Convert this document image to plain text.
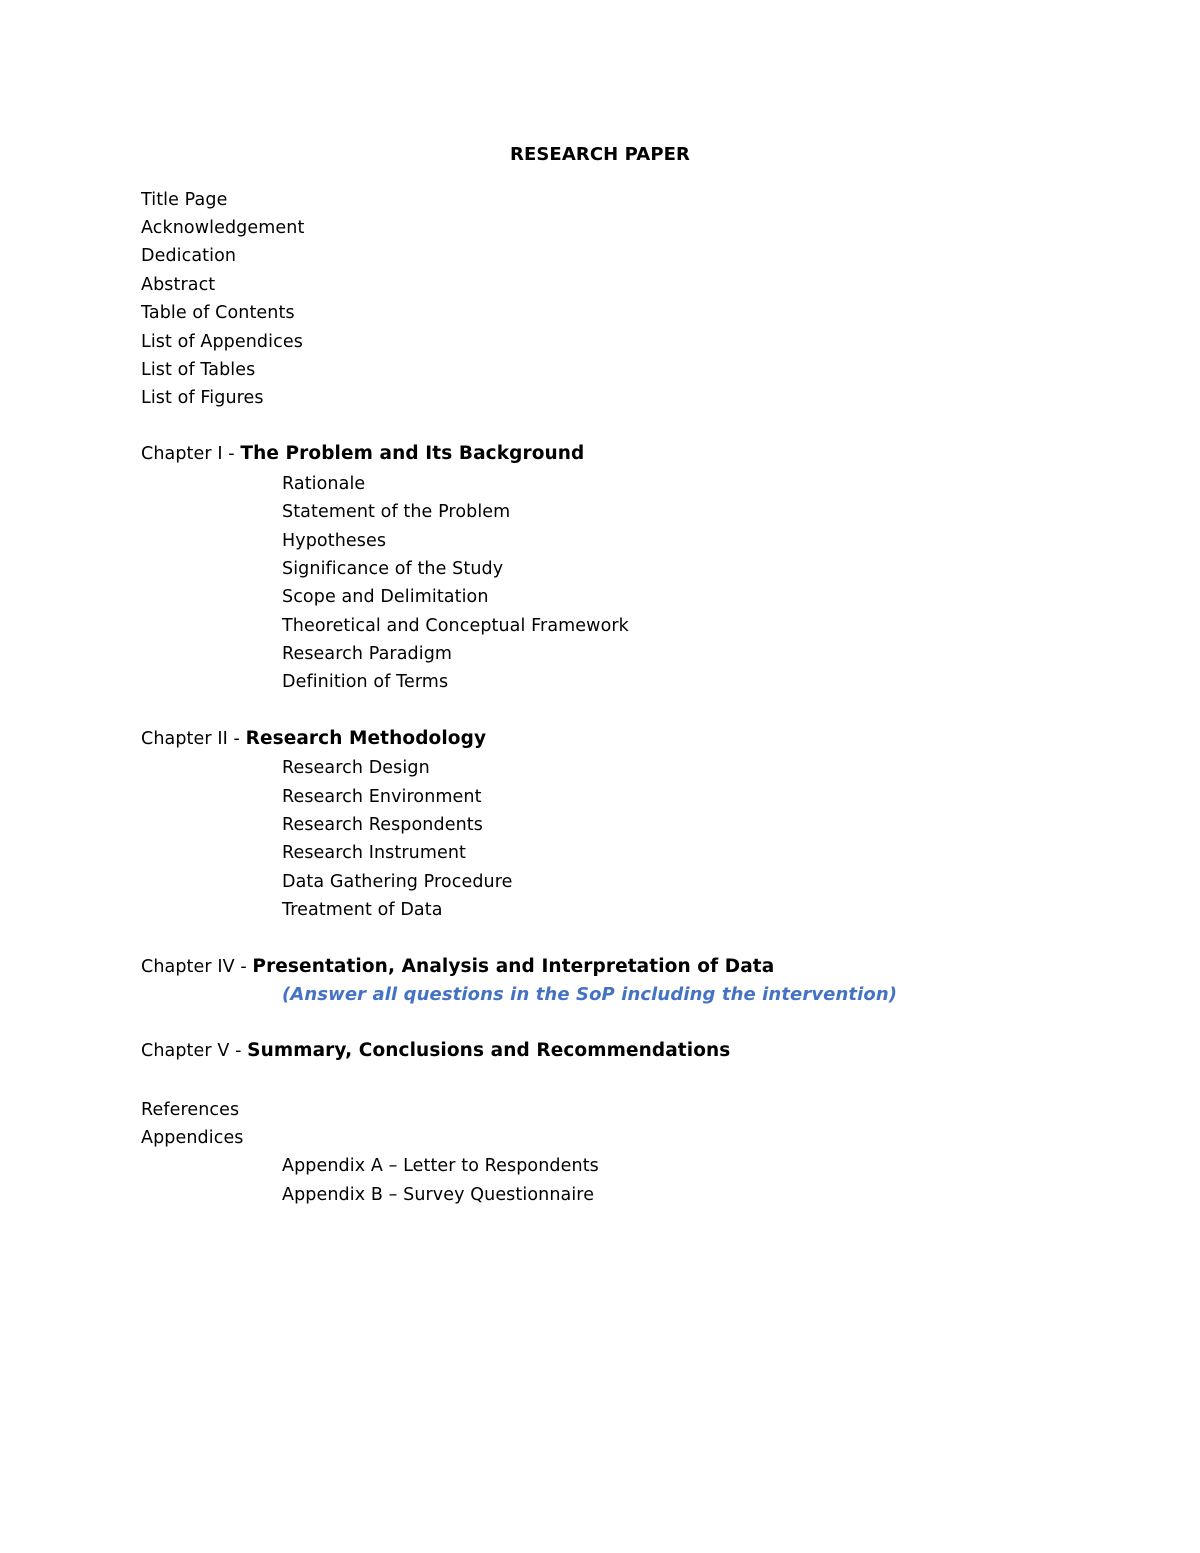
RESEARCH PAPER
Title Page
Acknowledgement
Dedication
Abstract
Table of Contents
List of Appendices
List of Tables
List of Figures
Chapter I - The Problem and Its Background
Rationale
Statement of the Problem
Hypotheses
Significance of the Study
Scope and Delimitation
Theoretical and Conceptual Framework
Research Paradigm
Definition of Terms
Chapter II - Research Methodology
Research Design
Research Environment
Research Respondents
Research Instrument
Data Gathering Procedure
Treatment of Data
Chapter IV - Presentation, Analysis and Interpretation of Data
(Answer all questions in the SoP including the intervention)
Chapter V - Summary, Conclusions and Recommendations
References
Appendices
Appendix A – Letter to Respondents
Appendix B – Survey Questionnaire
